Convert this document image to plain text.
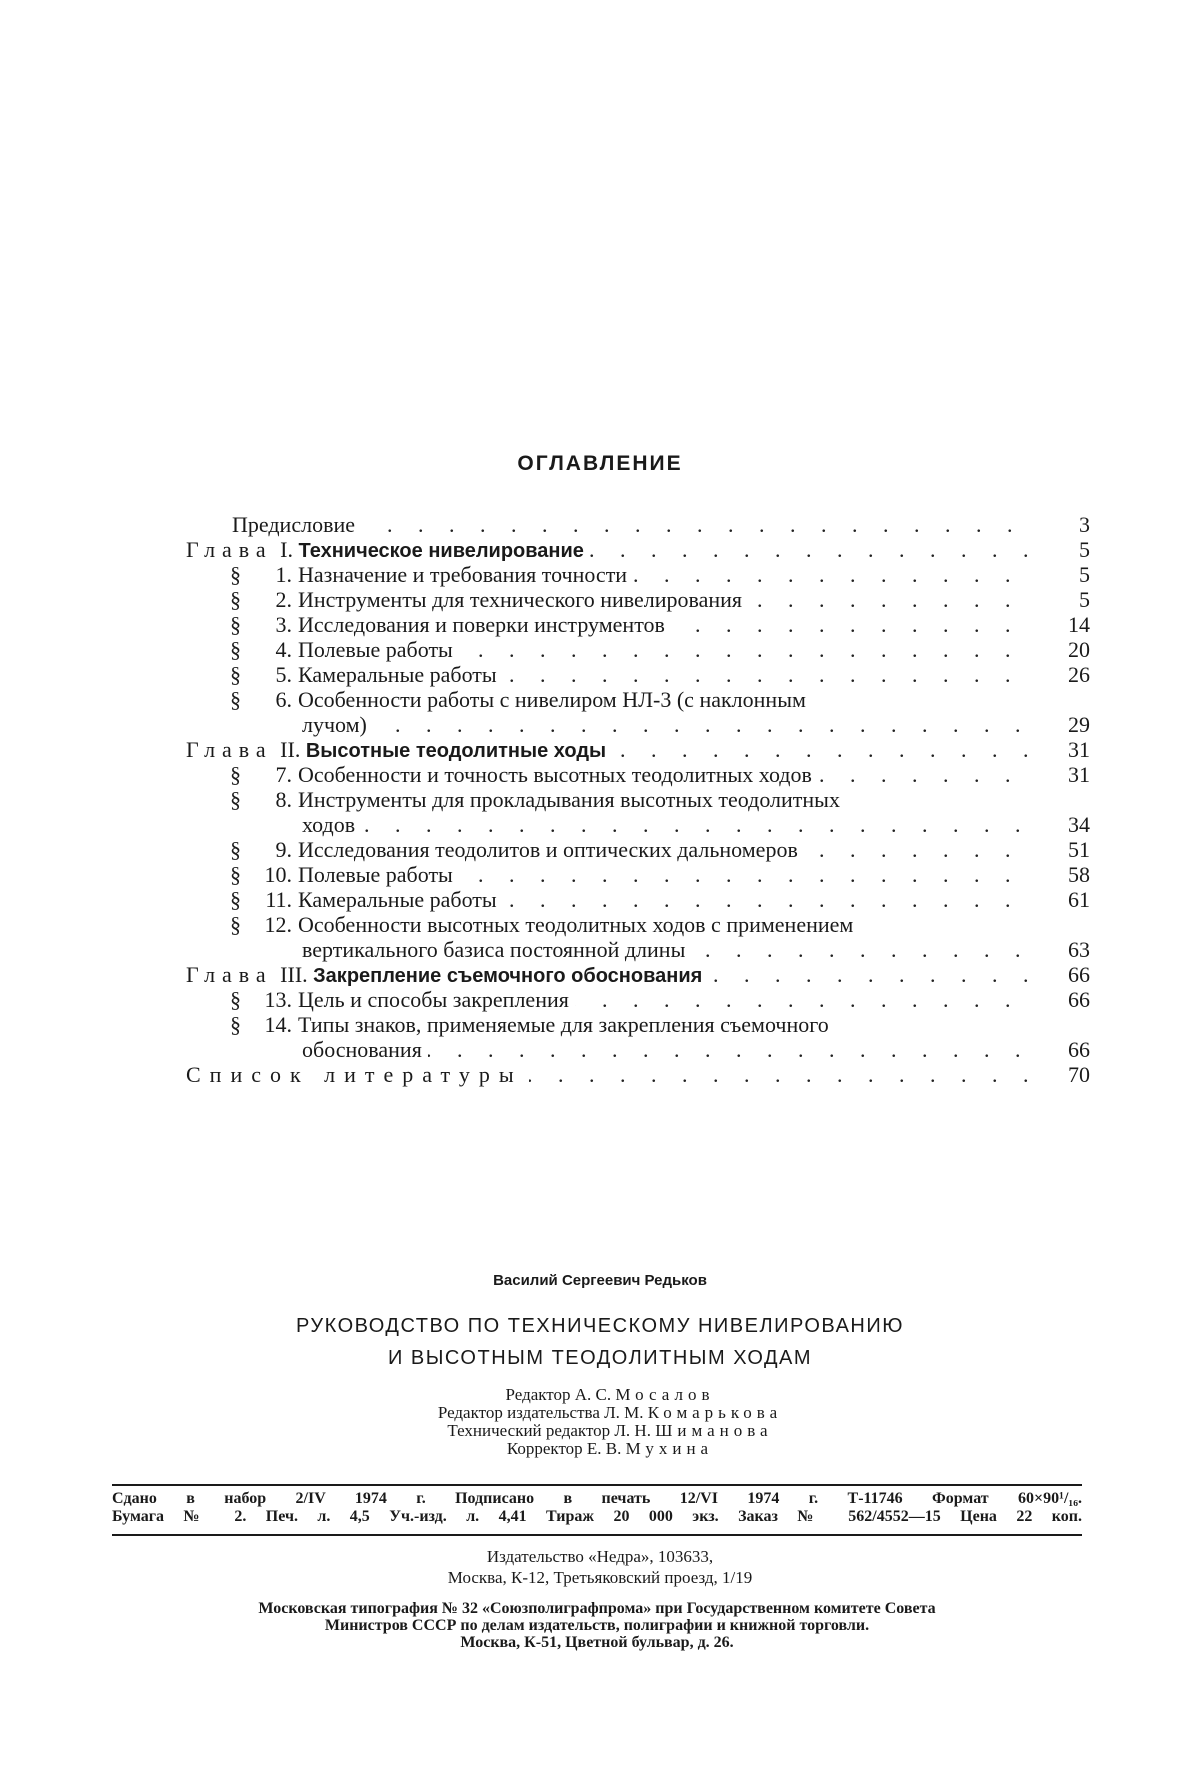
ОГЛАВЛЕНИЕ
. . . . . . . . . . . . . . . . . . . . . .
Предисловие	3
. . . . . . . . . . . . . .
Глава I. Техническое нивелирование	5
§ 1. Назначение и требования точности	5
§ 2. Инструменты для технического нивелирования	5
§ 3. Исследования и поверки инструментов	14
. . . . . . . . . . . . . . . . . .
§ 4. Полевые работы	20
. . . . . . . . . . . . . . . . .
§ 5. Камеральные работы	26
§ 6. Особенности работы с нивелиром НЛ-3 (с наклонным
. . . . . . . . . . . . . . . . . . . . .
лучом)	29
Глава II. Высотные теодолитные ходы	31
§ 7. Особенности и точность высотных теодолитных ходов	31
§ 8. Инструменты для прокладывания высотных теодолитных
. . . . . . . . . . . . . . . . . . . . . .
ходов	34
§ 9. Исследования теодолитов и оптических дальномеров	51
. . . . . . . . . . . . . . . . . .
§ 10. Полевые работы	58
. . . . . . . . . . . . . . . . .
§ 11. Камеральные работы	61
§ 12. Особенности высотных теодолитных ходов с применением
вертикального базиса постоянной длины	63
Глава III. Закрепление съемочного обоснования	66
. . . . . . . . . . . . . . .
§ 13. Цель и способы закрепления	66
§ 14. Типы знаков, применяемые для закрепления съемочного
. . . . . . . . . . . . . . . . . . . .
обоснования	66
. . . . . . . . . . . . . . . .
Список литературы	70
Василий Сергеевич Редьков
РУКОВОДСТВО ПО ТЕХНИЧЕСКОМУ НИВЕЛИРОВАНИЮ
И ВЫСОТНЫМ ТЕОДОЛИТНЫМ ХОДАМ
Редактор А. С. Мосалов
Редактор издательства Л. М. Комарькова
Технический редактор Л. Н. Шиманова
Корректор Е. В. Мухина
Сдано в набор 2/IV 1974 г. Подписано в печать 12/VI 1974 г. Т-11746 Формат 60×90¹/₁₆.
Бумага № 2. Печ. л. 4,5 Уч.-изд. л. 4,41 Тираж 20 000 экз. Заказ № 562/4552—15 Цена 22 коп.
Издательство «Недра», 103633,
Москва, К-12, Третьяковский проезд, 1/19
Московская типография № 32 «Союзполиграфпрома» при Государственном комитете Совета
Министров СССР по делам издательств, полиграфии и книжной торговли.
Москва, К-51, Цветной бульвар, д. 26.
